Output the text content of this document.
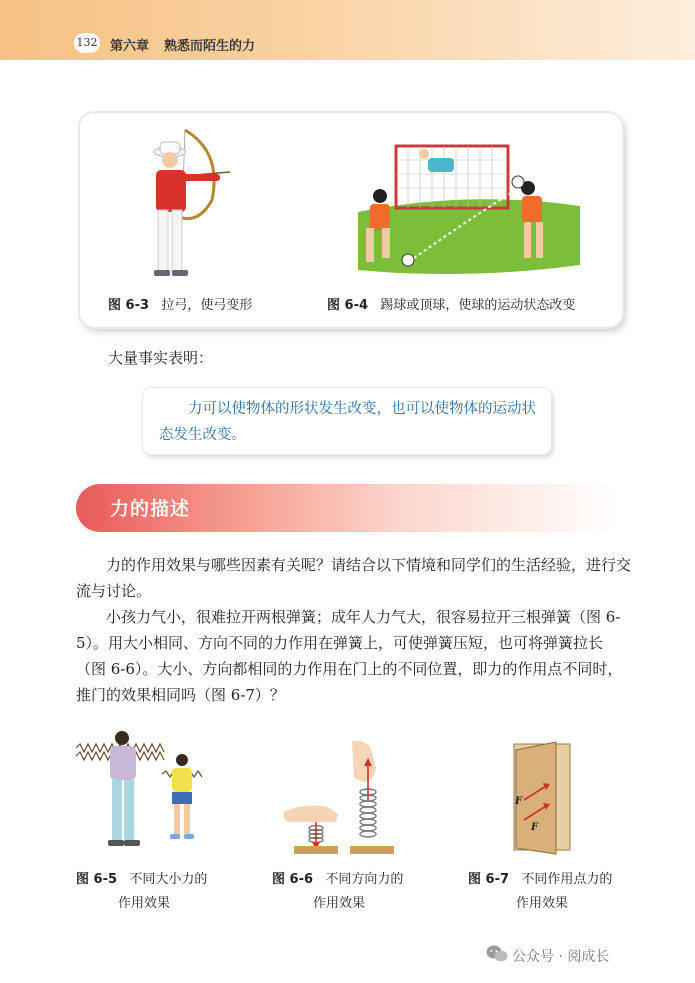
132 第六章 熟悉而陌生的力
图 6-3 拉弓，使弓变形	图 6-4 踢球或顶球，使球的运动状态改变
大量事实表明：
力可以使物体的形状发生改变，也可以使物体的运动状态发生改变。
力的描述
力的作用效果与哪些因素有关呢？请结合以下情境和同学们的生活经验，进行交流与讨论。
小孩力气小，很难拉开两根弹簧；成年人力气大，很容易拉开三根弹簧（图 6-5）。用大小相同、方向不同的力作用在弹簧上，可使弹簧压短，也可将弹簧拉长（图 6-6）。大小、方向都相同的力作用在门上的不同位置，即力的作用点不同时，推门的效果相同吗（图 6-7）？
F
F
图 6-5 不同大小力的
作用效果
图 6-6 不同方向力的
作用效果
图 6-7 不同作用点力的
作用效果
公众号 · 阅成长
